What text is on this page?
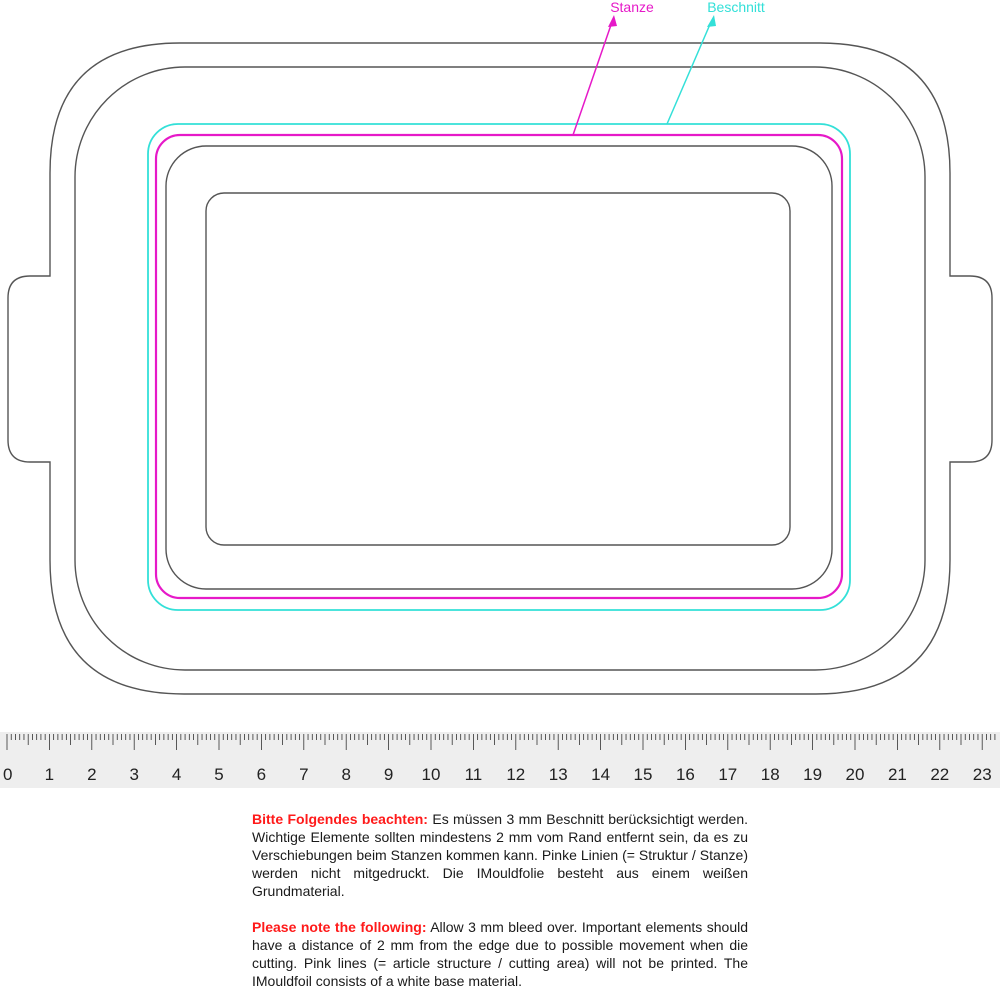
Stanze	Beschnitt
0 1 2 3 4 5 6 7 8 9 10 11 12 13 14 15 16 17 18 19 20 21 22 23

Bitte Folgendes beachten: Es müssen 3 mm Beschnitt berücksichtigt werden. Wichtige Elemente sollten mindestens 2 mm vom Rand entfernt sein, da es zu Verschiebungen beim Stanzen kommen kann. Pinke Linien (= Struktur / Stanze) werden nicht mitgedruckt. Die IMouldfolie besteht aus einem weißen Grundmaterial.

Please note the following: Allow 3 mm bleed over. Important elements should have a distance of 2 mm from the edge due to possible movement when die cutting. Pink lines (= article structure / cutting area) will not be printed. The IMouldfoil consists of a white base material.
